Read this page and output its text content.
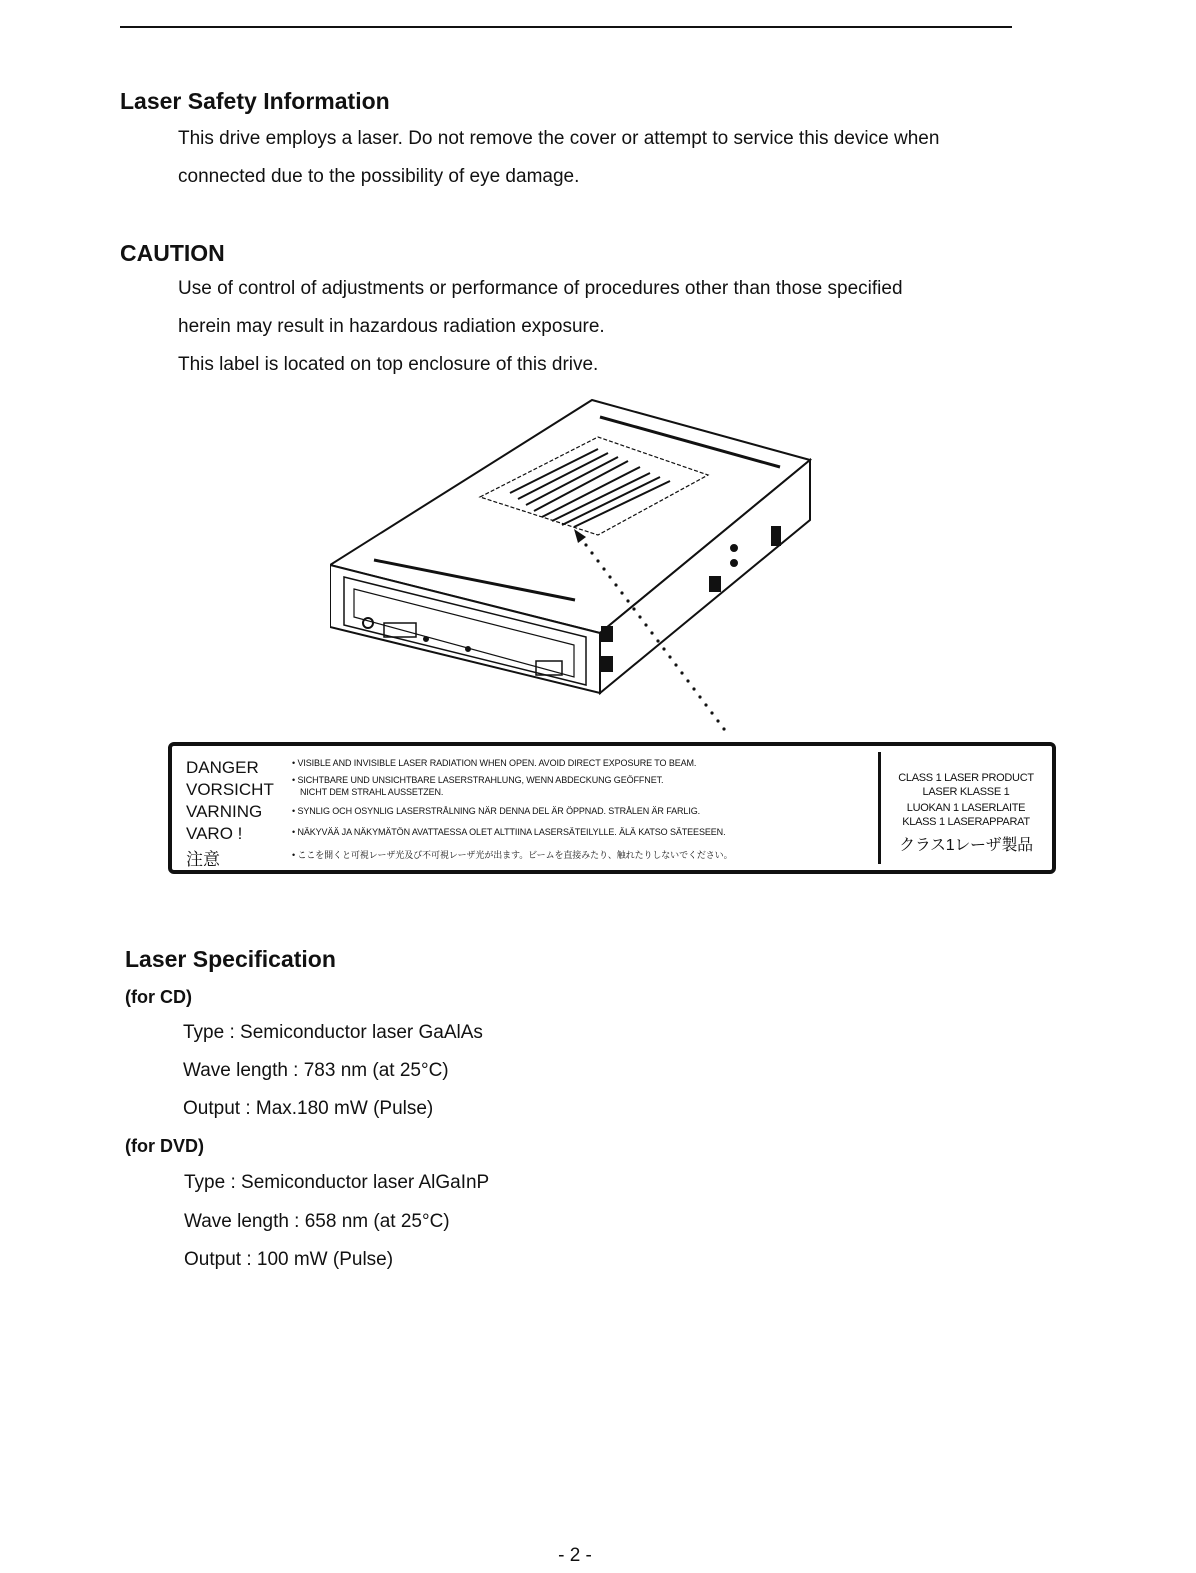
Laser Safety Information

This drive employs a laser. Do not remove the cover or attempt to service this device when

connected due to the possibility of eye damage.

CAUTION

Use of control of adjustments or performance of procedures other than those specified

herein may result in hazardous radiation exposure.

This label is located on top enclosure of this drive.

DANGER
VORSICHT
VARNING
VARO !
注意
• VISIBLE AND INVISIBLE LASER RADIATION WHEN OPEN. AVOID DIRECT EXPOSURE TO BEAM.
• SICHTBARE UND UNSICHTBARE LASERSTRAHLUNG, WENN ABDECKUNG GEÖFFNET.
NICHT DEM STRAHL AUSSETZEN.
• SYNLIG OCH OSYNLIG LASERSTRÅLNING NÄR DENNA DEL ÄR ÖPPNAD. STRÅLEN ÄR FARLIG.
• NÄKYVÄÄ JA NÄKYMÄTÖN AVATTAESSA OLET ALTTIINA LASERSÄTEILYLLE. ÄLÄ KATSO SÄTEESEEN.
• ここを開くと可視レーザ光及び不可視レーザ光が出ます。ビームを直接みたり、触れたりしないでください。
CLASS 1 LASER PRODUCT
LASER KLASSE 1
LUOKAN 1 LASERLAITE
KLASS 1 LASERAPPARAT
クラス1レーザ製品
Laser Specification
(for CD)

Type : Semiconductor laser GaAlAs

Wave length : 783 nm (at 25°C)

Output : Max.180 mW (Pulse)

(for DVD)

Type : Semiconductor laser AlGaInP

Wave length : 658 nm (at 25°C)

Output : 100 mW (Pulse)

- 2 -
